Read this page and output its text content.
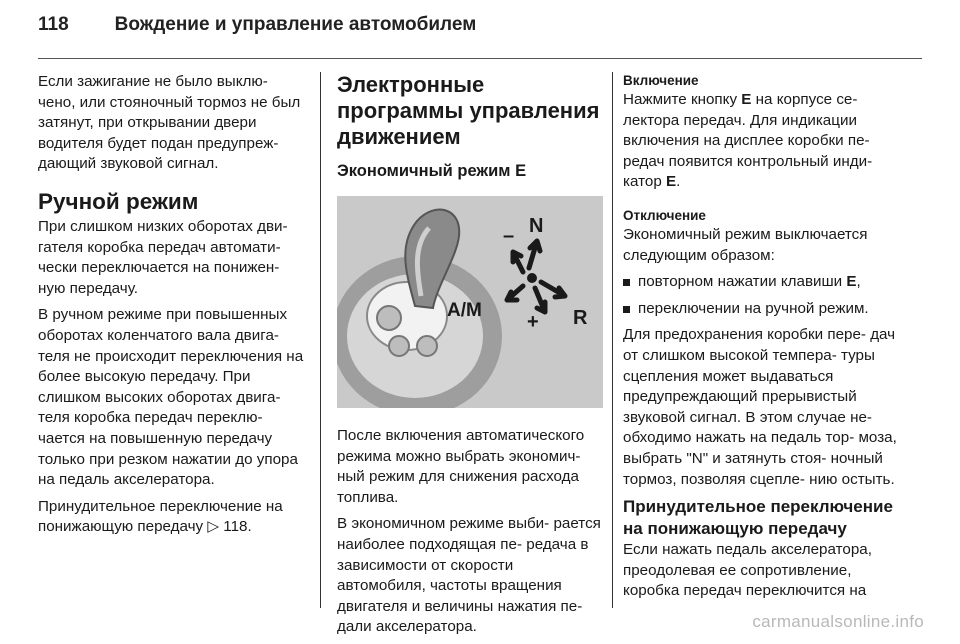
118 Вождение и управление автомобилем

Если зажигание не было выклю- чено, или стояночный тормоз не был затянут, при открывании двери водителя будет подан предупреж- дающий звуковой сигнал.

Ручной режим

При слишком низких оборотах дви- гателя коробка передач автомати- чески переключается на понижен- ную передачу.

В ручном режиме при повышенных оборотах коленчатого вала двига- теля не происходит переключения на более высокую передачу. При слишком высоких оборотах двига- теля коробка передач переклю- чается на повышенную передачу только при резком нажатии до упора на педаль акселератора.

Принудительное переключение на понижающую передачу ▷ 118.

Электронные программы управления движением
Экономичный режим E
N
–
A/M
+ R

После включения автоматического режима можно выбрать экономич- ный режим для снижения расхода топлива.

В экономичном режиме выби- рается наиболее подходящая пе- редача в зависимости от скорости автомобиля, частоты вращения двигателя и величины нажатия пе- дали акселератора.

Включение

Нажмите кнопку E на корпусе се- лектора передач. Для индикации включения на дисплее коробки пе- редач появится контрольный инди- катор E.

Отключение

Экономичный режим выключается следующим образом:

повторном нажатии клавиши E,
переключении на ручной режим.

Для предохранения коробки пере- дач от слишком высокой темпера- туры сцепления может выдаваться предупреждающий прерывистый звуковой сигнал. В этом случае не- обходимо нажать на педаль тор- моза, выбрать "N" и затянуть стоя- ночный тормоз, позволяя сцепле- нию остыть.

Принудительное переключение на понижающую передачу

Если нажать педаль акселератора, преодолевая ее сопротивление, коробка передач переключится на

carmanualsonline.info
